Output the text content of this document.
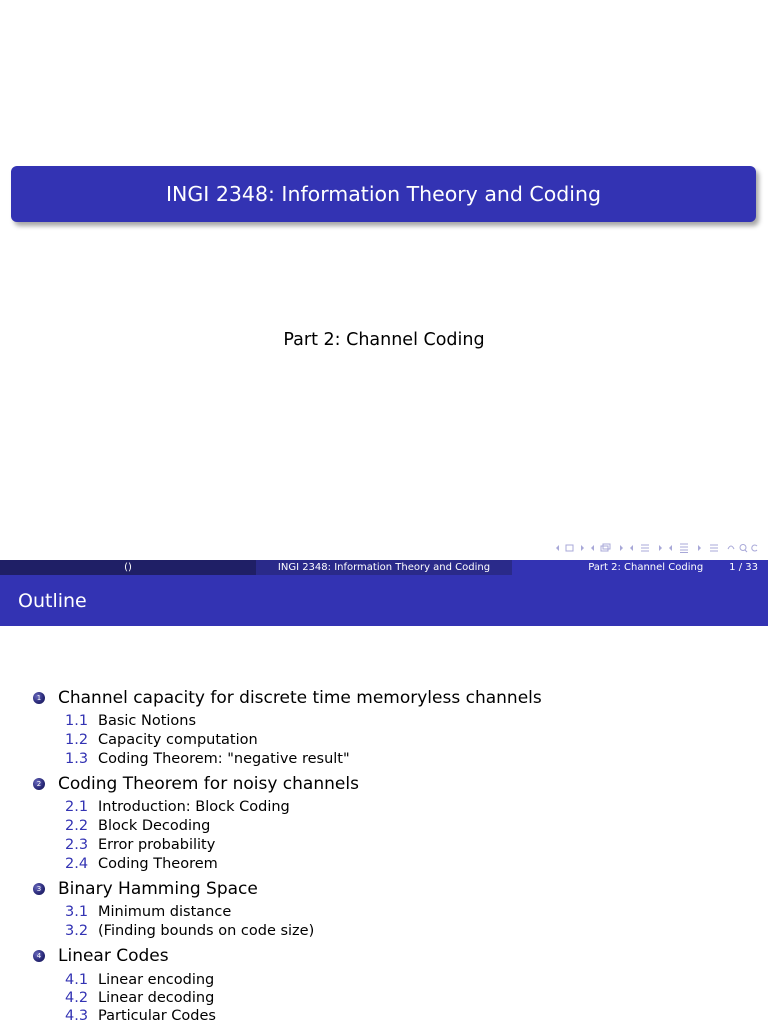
INGI 2348: Information Theory and Coding
Part 2: Channel Coding
()	INGI 2348: Information Theory and Coding	Part 2: Channel Coding	1 / 33
Outline
1 Channel capacity for discrete time memoryless channels
1.1 Basic Notions
1.2 Capacity computation
1.3 Coding Theorem: "negative result"
2 Coding Theorem for noisy channels
2.1 Introduction: Block Coding
2.2 Block Decoding
2.3 Error probability
2.4 Coding Theorem
3 Binary Hamming Space
3.1 Minimum distance
3.2 (Finding bounds on code size)
4 Linear Codes
4.1 Linear encoding
4.2 Linear decoding
4.3 Particular Codes
